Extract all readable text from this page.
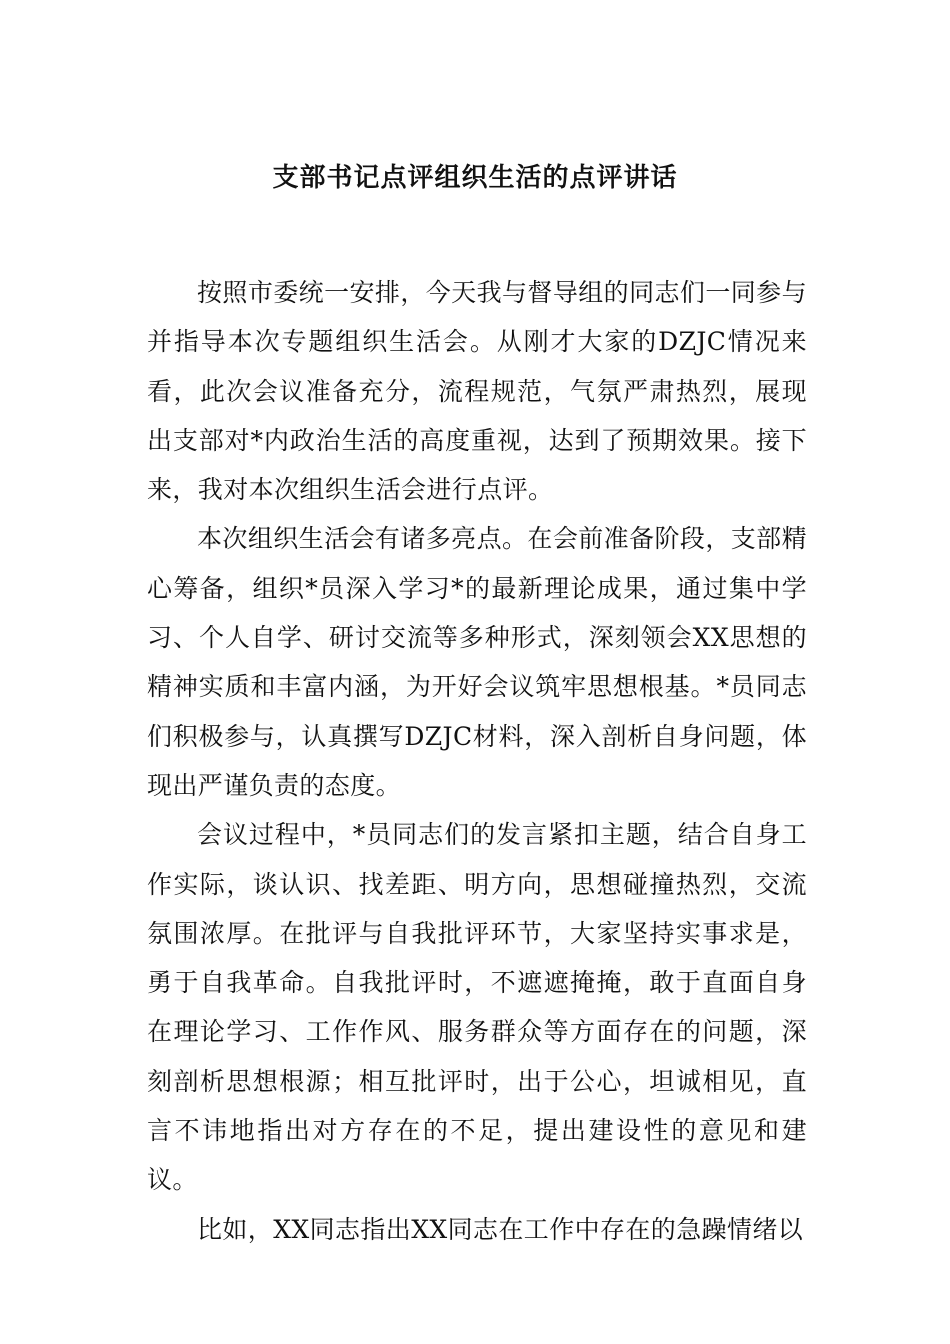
支部书记点评组织生活的点评讲话

按照市委统一安排，今天我与督导组的同志们一同参与并指导本次专题组织生活会。从刚才大家的DZJC情况来看，此次会议准备充分，流程规范，气氛严肃热烈，展现出支部对*内政治生活的高度重视，达到了预期效果。接下来，我对本次组织生活会进行点评。

本次组织生活会有诸多亮点。在会前准备阶段，支部精心筹备，组织*员深入学习*的最新理论成果，通过集中学习、个人自学、研讨交流等多种形式，深刻领会XX思想的精神实质和丰富内涵，为开好会议筑牢思想根基。*员同志们积极参与，认真撰写DZJC材料，深入剖析自身问题，体现出严谨负责的态度。

会议过程中，*员同志们的发言紧扣主题，结合自身工作实际，谈认识、找差距、明方向，思想碰撞热烈，交流氛围浓厚。在批评与自我批评环节，大家坚持实事求是，勇于自我革命。自我批评时，不遮遮掩掩，敢于直面自身在理论学习、工作作风、服务群众等方面存在的问题，深刻剖析思想根源；相互批评时，出于公心，坦诚相见，直言不讳地指出对方存在的不足，提出建设性的意见和建议。

比如，XX同志指出XX同志在工作中存在的急躁情绪以
